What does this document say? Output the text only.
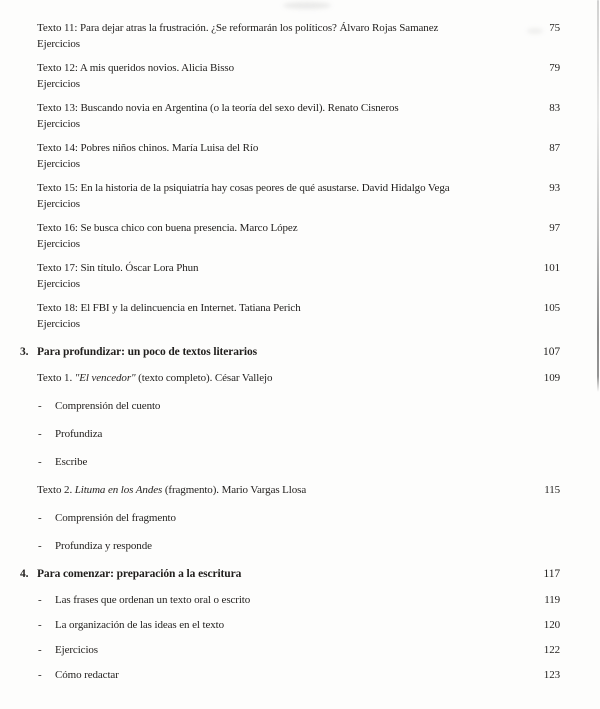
Texto 11: Para dejar atras la frustración. ¿Se reformarán los políticos? Álvaro Rojas Samanez	75
Ejercicios
Texto 12: A mis queridos novios. Alicia Bisso	79
Ejercicios
Texto 13: Buscando novia en Argentina (o la teoría del sexo devil). Renato Cisneros	83
Ejercicios
Texto 14: Pobres niños chinos. María Luisa del Río	87
Ejercicios
Texto 15: En la historia de la psiquiatría hay cosas peores de qué asustarse. David Hidalgo Vega	93
Ejercicios
Texto 16: Se busca chico con buena presencia. Marco López	97
Ejercicios
Texto 17: Sin título. Óscar Lora Phun	101
Ejercicios
Texto 18: El FBI y la delincuencia en Internet. Tatiana Perich	105
Ejercicios
3. Para profundizar: un poco de textos literarios	107
Texto 1. "El vencedor" (texto completo). César Vallejo	109
-	Comprensión del cuento
-	Profundiza
-	Escribe
Texto 2. Lituma en los Andes (fragmento). Mario Vargas Llosa	115
-	Comprensión del fragmento
-	Profundiza y responde
4. Para comenzar: preparación a la escritura	117
-	Las frases que ordenan un texto oral o escrito	119
-	La organización de las ideas en el texto	120
-	Ejercicios	122
-	Cómo redactar	123
